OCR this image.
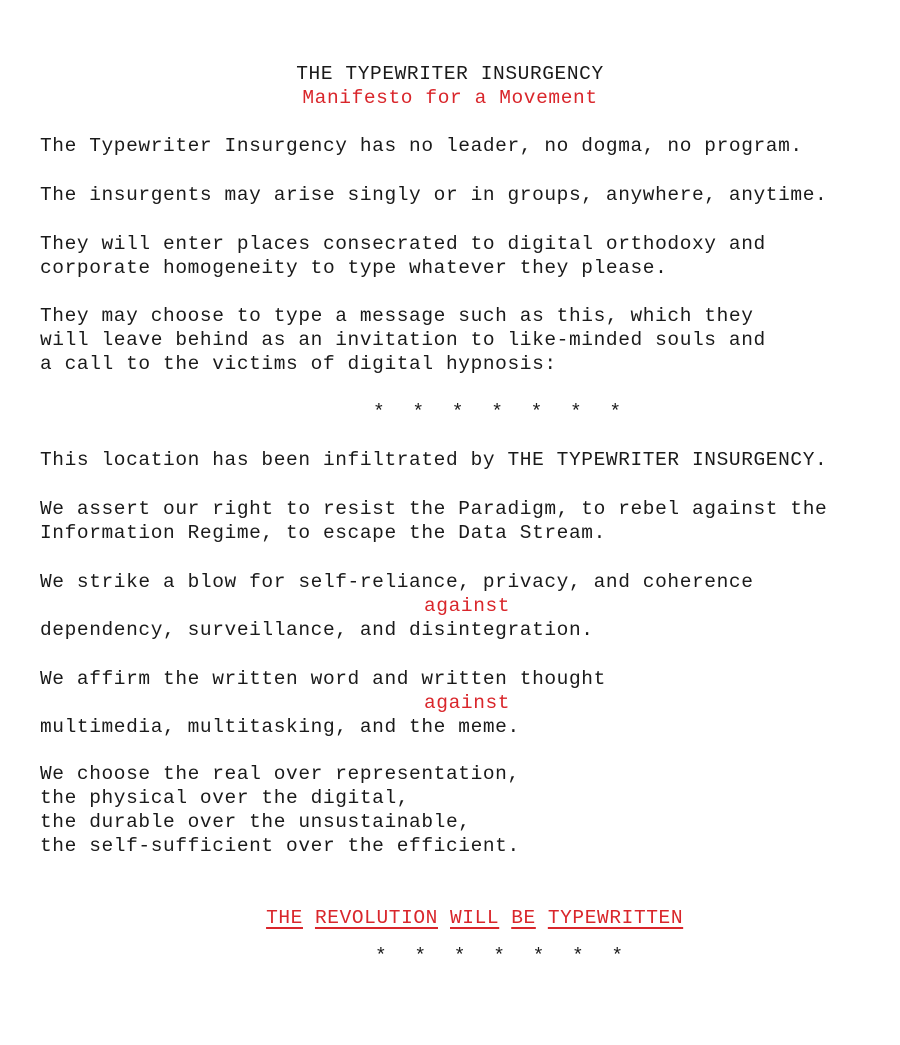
THE TYPEWRITER INSURGENCY
Manifesto for a Movement
The Typewriter Insurgency has no leader, no dogma, no program.
The insurgents may arise singly or in groups, anywhere, anytime.
They will enter places consecrated to digital orthodoxy and
corporate homogeneity to type whatever they please.
They may choose to type a message such as this, which they
will leave behind as an invitation to like-minded souls and
a call to the victims of digital hypnosis:
* * * * * * *
This location has been infiltrated by THE TYPEWRITER INSURGENCY.
We assert our right to resist the Paradigm, to rebel against the
Information Regime, to escape the Data Stream.
We strike a blow for self-reliance, privacy, and coherence
against
dependency, surveillance, and disintegration.
We affirm the written word and written thought
against
multimedia, multitasking, and the meme.
We choose the real over representation,
the physical over the digital,
the durable over the unsustainable,
the self-sufficient over the efficient.

THE REVOLUTION WILL BE TYPEWRITTEN

* * * * * * *
